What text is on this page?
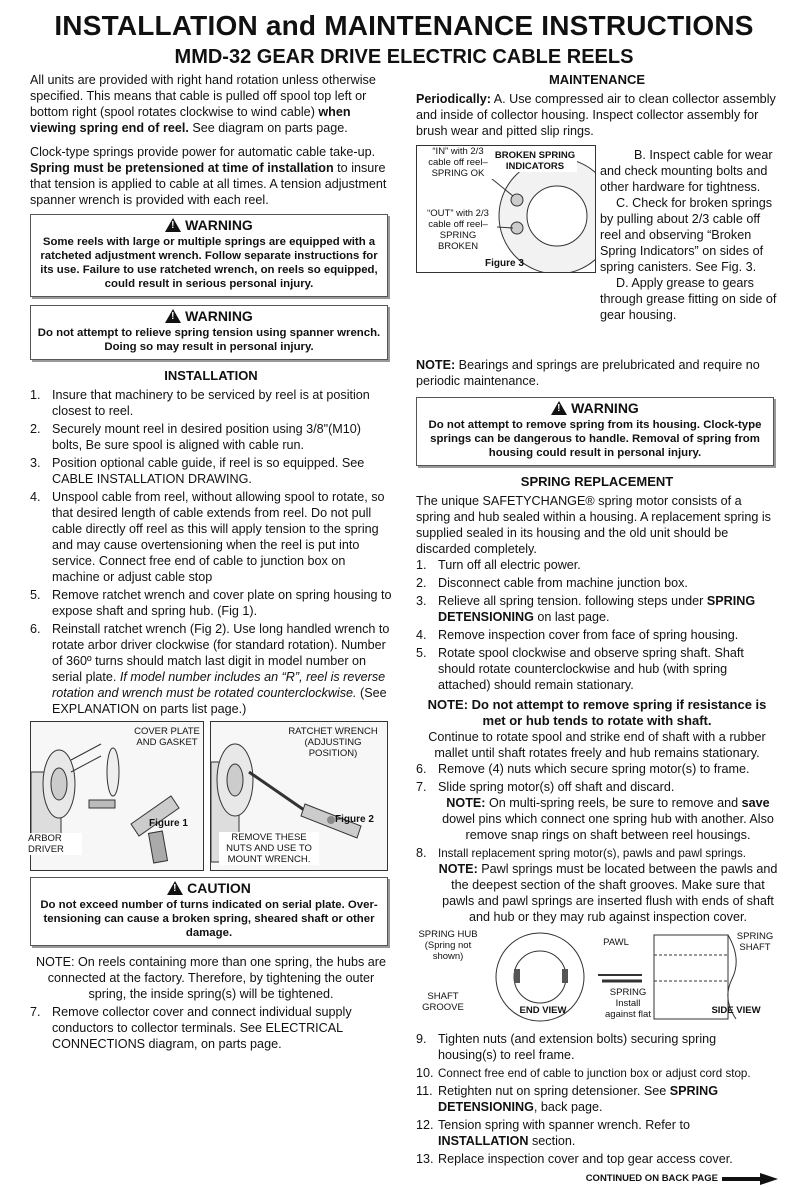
INSTALLATION and MAINTENANCE INSTRUCTIONS
MMD-32 GEAR DRIVE ELECTRIC CABLE REELS

All units are provided with right hand rotation unless otherwise specified. This means that cable is pulled off spool top left or bottom right (spool rotates clockwise to wind cable) when viewing spring end of reel. See diagram on parts page.

Clock-type springs provide power for automatic cable take-up. Spring must be pretensioned at time of installation to insure that tension is applied to cable at all times. A tension adjustment spanner wrench is provided with each reel.

!
WARNING
Some reels with large or multiple springs are equipped with a ratcheted adjustment wrench. Follow separate instructions for its use. Failure to use ratcheted wrench, on reels so equipped, could result in serious personal injury.
!
WARNING
Do not attempt to relieve spring tension using spanner wrench. Doing so may result in personal injury.
INSTALLATION
1. Insure that machinery to be serviced by reel is at position closest to reel.
2. Securely mount reel in desired position using 3/8"(M10) bolts, Be sure spool is aligned with cable run.
3. Position optional cable guide, if reel is so equipped. See CABLE INSTALLATION DRAWING.
4. Unspool cable from reel, without allowing spool to rotate, so that desired length of cable extends from reel. Do not pull cable directly off reel as this will apply tension to the spring and may cause overtensioning when the reel is put into service. Connect free end of cable to junction box on machine or adjust cable stop
5. Remove ratchet wrench and cover plate on spring housing to expose shaft and spring hub. (Fig 1).
6. Reinstall ratchet wrench (Fig 2). Use long handled wrench to rotate arbor driver clockwise (for standard rotation). Number of 360º turns should match last digit in model number on serial plate. If model number includes an “R”, reel is reverse rotation and wrench must be rotated counterclockwise. (See EXPLANATION on parts list page.)
COVER PLATE AND GASKET
Figure 1
ARBOR DRIVER
RATCHET WRENCH (ADJUSTING POSITION)
Figure 2
REMOVE THESE NUTS AND USE TO MOUNT WRENCH.
!
CAUTION
Do not exceed number of turns indicated on serial plate. Over-tensioning can cause a broken spring, sheared shaft or other damage.

NOTE: On reels containing more than one spring, the hubs are connected at the factory. Therefore, by tightening the outer spring, the inside spring(s) will be tightened.

7. Remove collector cover and connect individual supply conductors to collector terminals. See ELECTRICAL CONNECTIONS diagram, on parts page.
MAINTENANCE

Periodically: A. Use compressed air to clean collector assembly and inside of collector housing. Inspect collector assembly for brush wear and pitted slip rings.

“IN” with 2/3 cable off reel– SPRING OK
BROKEN SPRING INDICATORS
“OUT” with 2/3 cable off reel– SPRING BROKEN
Figure 3

B. Inspect cable for wear and check mounting bolts and other hardware for tightness.

C. Check for broken springs by pulling about 2/3 cable off reel and observing “Broken Spring Indicators” on sides of spring canisters. See Fig. 3.

D. Apply grease to gears through grease fitting on side of gear housing.

NOTE: Bearings and springs are prelubricated and require no periodic maintenance.

!
WARNING
Do not attempt to remove spring from its housing. Clock-type springs can be dangerous to handle. Removal of spring from housing could result in personal injury.
SPRING REPLACEMENT

The unique SAFETYCHANGE® spring motor consists of a spring and hub sealed within a housing. A replacement spring is supplied sealed in its housing and the old unit should be discarded completely.

1. Turn off all electric power.
2. Disconnect cable from machine junction box.
3. Relieve all spring tension. following steps under SPRING DETENSIONING on last page.
4. Remove inspection cover from face of spring housing.
5. Rotate spool clockwise and observe spring shaft. Shaft should rotate counterclockwise and hub (with spring attached) should remain stationary.

NOTE: Do not attempt to remove spring if resistance is met or hub tends to rotate with shaft.

Continue to rotate spool and strike end of shaft with a rubber mallet until shaft rotates freely and hub remains stationary.

6. Remove (4) nuts which secure spring motor(s) to frame.
7. Slide spring motor(s) off shaft and discard.
NOTE: On multi-spring reels, be sure to remove and save dowel pins which connect one spring hub with another. Also remove snap rings on shaft between reel housings.
8. Install replacement spring motor(s), pawls and pawl springs.
NOTE: Pawl springs must be located between the pawls and the deepest section of the shaft grooves. Make sure that pawls and pawl springs are inserted flush with ends of shaft and hub or they may rub against inspection cover.
SPRING HUB (Spring not shown)
PAWL
SPRING SHAFT
SHAFT GROOVE	END VIEW
SPRING Install against flat	SIDE VIEW
9. Tighten nuts (and extension bolts) securing spring housing(s) to reel frame.
10. Connect free end of cable to junction box or adjust cord stop.
11. Retighten nut on spring detensioner. See SPRING DETENSIONING, back page.
12. Tension spring with spanner wrench. Refer to INSTALLATION section.
13. Replace inspection cover and top gear access cover.
CONTINUED ON BACK PAGE
